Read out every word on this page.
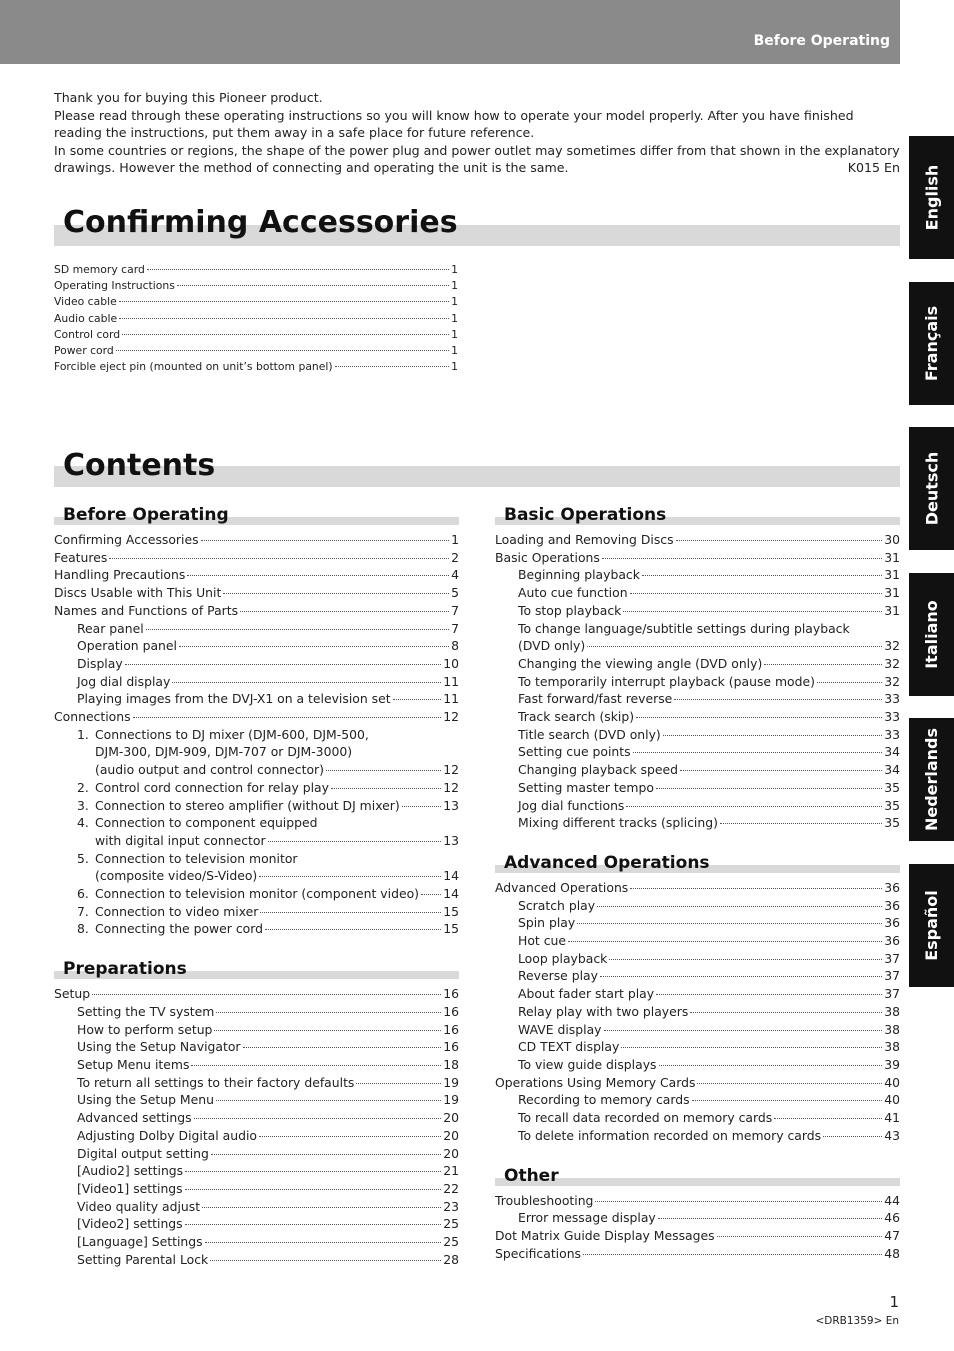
Before Operating

Thank you for buying this Pioneer product.

Please read through these operating instructions so you will know how to operate your model properly. After you have finished reading the instructions, put them away in a safe place for future reference.

In some countries or regions, the shape of the power plug and power outlet may sometimes differ from that shown in the explanatory drawings. However the method of connecting and operating the unit is the same.	K015 En

Confirming Accessories
SD memory card	1
Operating Instructions	1
Video cable	1
Audio cable	1
Control cord	1
Power cord	1
Forcible eject pin (mounted on unit’s bottom panel)	1
Contents
Before Operating
Confirming Accessories	1
Features	2
Handling Precautions	4
Discs Usable with This Unit	5
Names and Functions of Parts	7
Rear panel	7
Operation panel	8
Display	10
Jog dial display	11
Playing images from the DVJ-X1 on a television set	11
Connections	12
1. Connections to DJ mixer (DJM-600, DJM-500,
DJM-300, DJM-909, DJM-707 or DJM-3000)
(audio output and control connector)	12
2. Control cord connection for relay play	12
3. Connection to stereo amplifier (without DJ mixer)	13
4. Connection to component equipped
with digital input connector	13
5. Connection to television monitor
(composite video/S-Video)	14
6. Connection to television monitor (component video) 14
7. Connection to video mixer	15
8. Connecting the power cord	15
Preparations
Setup	16
Setting the TV system	16
How to perform setup	16
Using the Setup Navigator	16
Setup Menu items	18
To return all settings to their factory defaults	19
Using the Setup Menu	19
Advanced settings	20
Adjusting Dolby Digital audio	20
Digital output setting	20
[Audio2] settings	21
[Video1] settings	22
Video quality adjust	23
[Video2] settings	25
[Language] Settings	25
Setting Parental Lock	28
Basic Operations
Loading and Removing Discs	30
Basic Operations	31
Beginning playback	31
Auto cue function	31
To stop playback	31
To change language/subtitle settings during playback
(DVD only)	32
Changing the viewing angle (DVD only)	32
To temporarily interrupt playback (pause mode)	32
Fast forward/fast reverse	33
Track search (skip)	33
Title search (DVD only)	33
Setting cue points	34
Changing playback speed	34
Setting master tempo	35
Jog dial functions	35
Mixing different tracks (splicing)	35
Advanced Operations
Advanced Operations	36
Scratch play	36
Spin play	36
Hot cue	36
Loop playback	37
Reverse play	37
About fader start play	37
Relay play with two players	38
WAVE display	38
CD TEXT display	38
To view guide displays	39
Operations Using Memory Cards	40
Recording to memory cards	40
To recall data recorded on memory cards	41
To delete information recorded on memory cards	43
Other
Troubleshooting	44
Error message display	46
Dot Matrix Guide Display Messages	47
Specifications	48
English
Français
Deutsch
Italiano
Nederlands
Español
1
<DRB1359> En
